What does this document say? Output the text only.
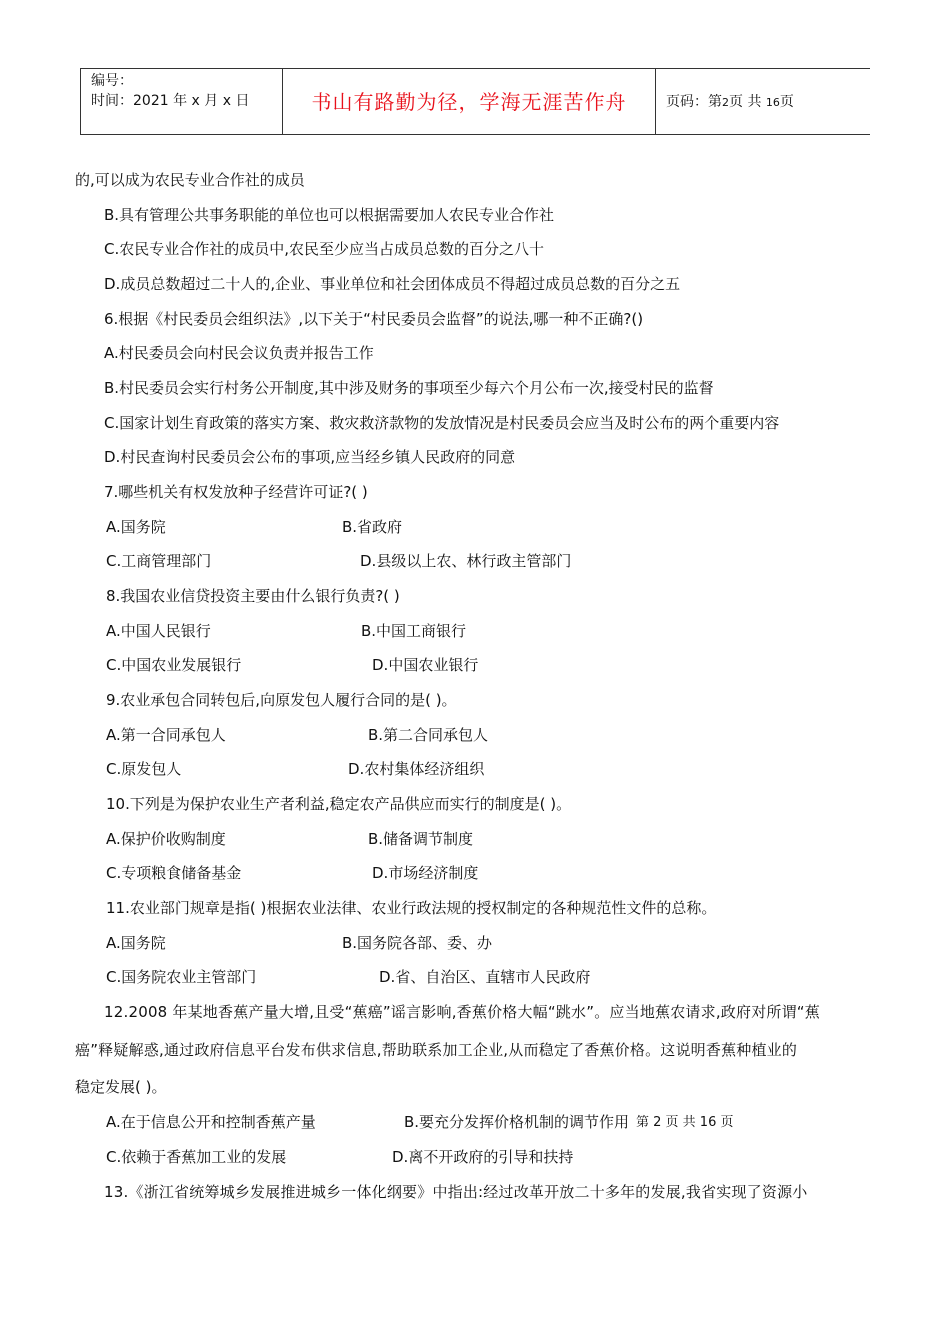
编号：
时间：2021 年 x 月 x 日	书山有路勤为径，学海无涯苦作舟	页码：第2页 共 16页
的,可以成为农民专业合作社的成员
B.具有管理公共事务职能的单位也可以根据需要加人农民专业合作社
C.农民专业合作社的成员中,农民至少应当占成员总数的百分之八十
D.成员总数超过二十人的,企业、事业单位和社会团体成员不得超过成员总数的百分之五
6.根据《村民委员会组织法》,以下关于“村民委员会监督”的说法,哪一种不正确?()
A.村民委员会向村民会议负责并报告工作
B.村民委员会实行村务公开制度,其中涉及财务的事项至少每六个月公布一次,接受村民的监督
C.国家计划生育政策的落实方案、救灾救济款物的发放情况是村民委员会应当及时公布的两个重要内容
D.村民查询村民委员会公布的事项,应当经乡镇人民政府的同意
7.哪些机关有权发放种子经营许可证?( )
A.国务院	B.省政府
C.工商管理部门	D.县级以上农、林行政主管部门
8.我国农业信贷投资主要由什么银行负责?( )
A.中国人民银行	B.中国工商银行
C.中国农业发展银行	D.中国农业银行
9.农业承包合同转包后,向原发包人履行合同的是( )。
A.第一合同承包人	B.第二合同承包人
C.原发包人	D.农村集体经济组织
10.下列是为保护农业生产者利益,稳定农产品供应而实行的制度是( )。
A.保护价收购制度	B.储备调节制度
C.专项粮食储备基金	D.市场经济制度
11.农业部门规章是指( )根据农业法律、农业行政法规的授权制定的各种规范性文件的总称。
A.国务院	B.国务院各部、委、办
C.国务院农业主管部门	D.省、自治区、直辖市人民政府
12.2008 年某地香蕉产量大增,且受“蕉癌”谣言影响,香蕉价格大幅“跳水”。应当地蕉农请求,政府对所谓“蕉
癌”释疑解惑,通过政府信息平台发布供求信息,帮助联系加工企业,从而稳定了香蕉价格。这说明香蕉种植业的
稳定发展( )。
A.在于信息公开和控制香蕉产量	B.要充分发挥价格机制的调节作用
C.依赖于香蕉加工业的发展	D.离不开政府的引导和扶持
13.《浙江省统筹城乡发展推进城乡一体化纲要》中指出:经过改革开放二十多年的发展,我省实现了资源小
第 2 页 共 16 页
